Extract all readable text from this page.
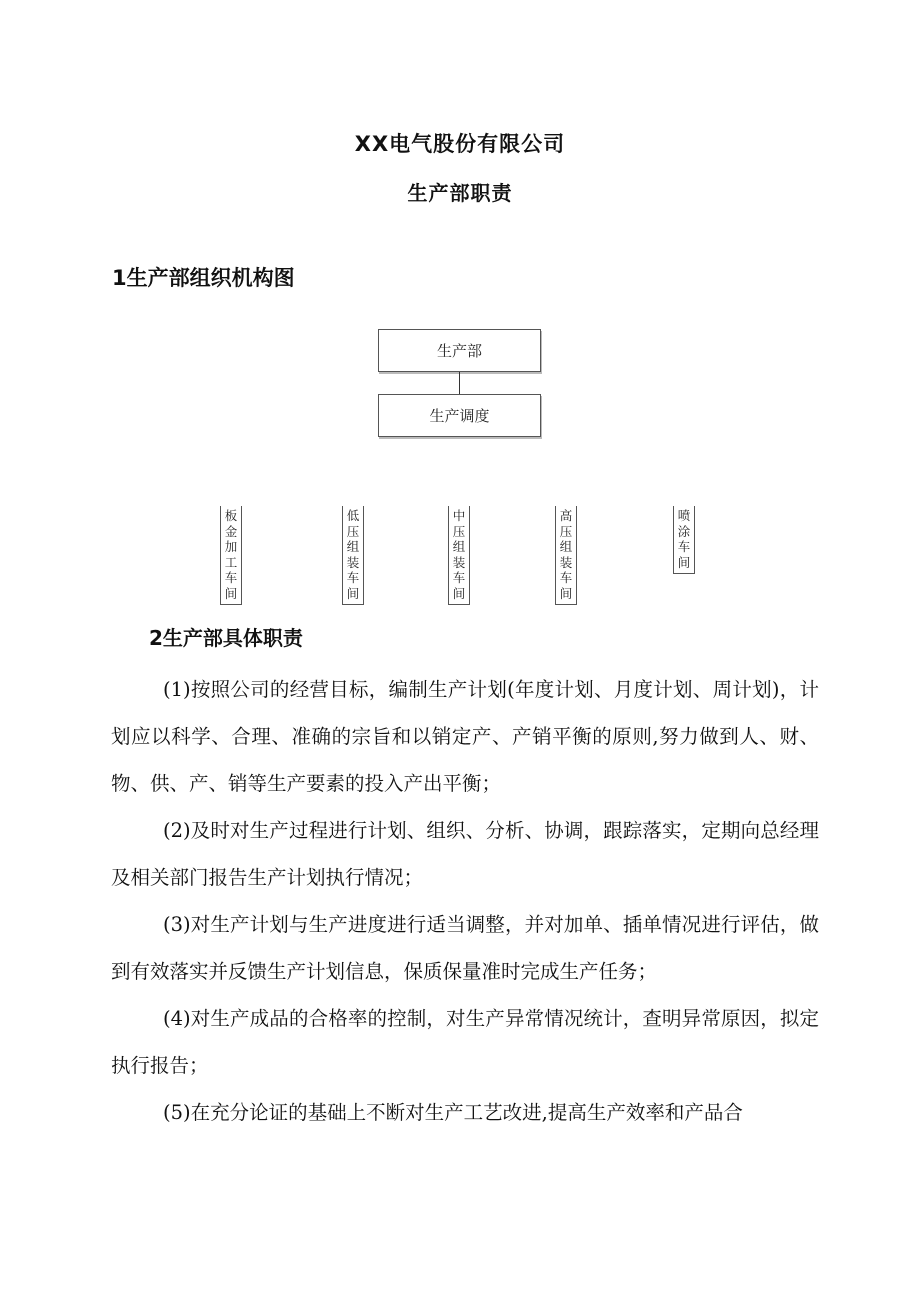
XX电气股份有限公司
生产部职责
1生产部组织机构图
生产部
生产调度
板金加工车间
低压组装车间
中压组装车间
高压组装车间
喷涂车间
2生产部具体职责

(1)按照公司的经营目标，编制生产计划(年度计划、月度计划、周计划)，计划应以科学、合理、准确的宗旨和以销定产、产销平衡的原则,努力做到人、财、物、供、产、销等生产要素的投入产出平衡；

(2)及时对生产过程进行计划、组织、分析、协调，跟踪落实，定期向总经理及相关部门报告生产计划执行情况；

(3)对生产计划与生产进度进行适当调整，并对加单、插单情况进行评估，做到有效落实并反馈生产计划信息，保质保量准时完成生产任务；

(4)对生产成品的合格率的控制，对生产异常情况统计，查明异常原因，拟定执行报告；

(5)在充分论证的基础上不断对生产工艺改进,提高生产效率和产品合
